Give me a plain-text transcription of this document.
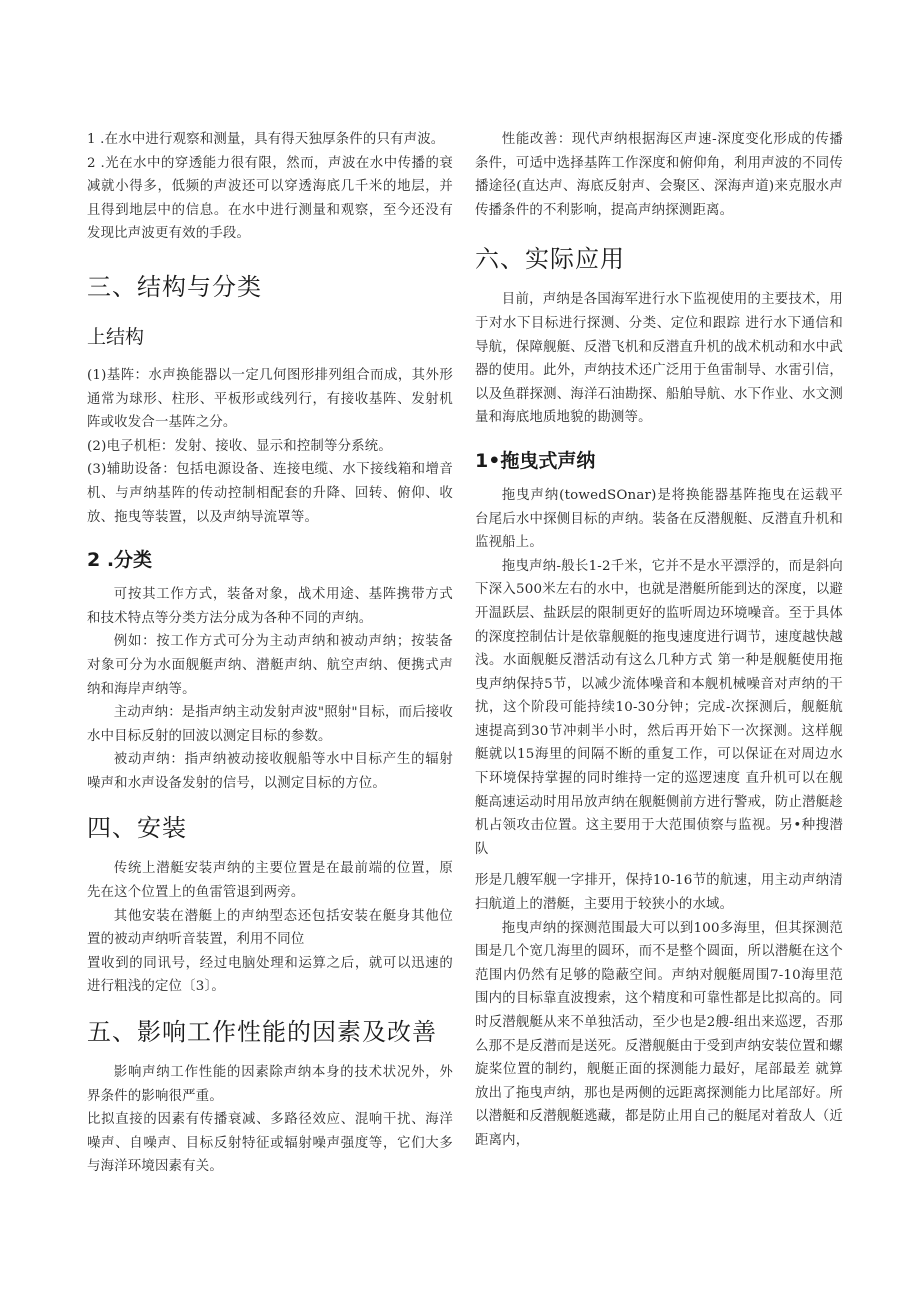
1 .在水中进行观察和测量，具有得天独厚条件的只有声波。

2 .光在水中的穿透能力很有限，然而，声波在水中传播的衰减就小得多，低频的声波还可以穿透海底几千米的地层，并且得到地层中的信息。在水中进行测量和观察，至今还没有发现比声波更有效的手段。

三、结构与分类
上结构

(1)基阵：水声换能器以一定几何图形排列组合而成，其外形通常为球形、柱形、平板形或线列行，有接收基阵、发射机阵或收发合一基阵之分。

(2)电子机柜：发射、接收、显示和控制等分系统。

(3)辅助设备：包括电源设备、连接电缆、水下接线箱和增音机、与声纳基阵的传动控制相配套的升降、回转、俯仰、收放、拖曳等装置，以及声纳导流罩等。

2 .分类

可按其工作方式，装备对象，战术用途、基阵携带方式和技术特点等分类方法分成为各种不同的声纳。

例如：按工作方式可分为主动声纳和被动声纳；按装备对象可分为水面舰艇声纳、潜艇声纳、航空声纳、便携式声纳和海岸声纳等。

主动声纳：是指声纳主动发射声波"照射"目标，而后接收水中目标反射的回波以测定目标的参数。

被动声纳：指声纳被动接收舰船等水中目标产生的辐射噪声和水声设备发射的信号，以测定目标的方位。

四、安装

传统上潜艇安装声纳的主要位置是在最前端的位置，原先在这个位置上的鱼雷管退到两旁。

其他安装在潜艇上的声纳型态还包括安装在艇身其他位置的被动声纳听音装置，利用不同位

置收到的同讯号，经过电脑处理和运算之后，就可以迅速的进行粗浅的定位〔3〕。

五、影响工作性能的因素及改善

影响声纳工作性能的因素除声纳本身的技术状况外，外界条件的影响很严重。

比拟直接的因素有传播衰减、多路径效应、混响干扰、海洋噪声、自噪声、目标反射特征或辐射噪声强度等，它们大多与海洋环境因素有关。

性能改善：现代声纳根据海区声速-深度变化形成的传播条件，可适中选择基阵工作深度和俯仰角，利用声波的不同传播途径(直达声、海底反射声、会聚区、深海声道)来克服水声传播条件的不利影响，提高声纳探测距离。

六、实际应用

目前，声纳是各国海军进行水下监视使用的主要技术，用于对水下目标进行探测、分类、定位和跟踪 进行水下通信和导航，保障舰艇、反潜飞机和反潜直升机的战术机动和水中武器的使用。此外，声纳技术还广泛用于鱼雷制导、水雷引信，以及鱼群探测、海洋石油勘探、船舶导航、水下作业、水文测量和海底地质地貌的勘测等。

1•拖曳式声纳

拖曳声纳(towedSOnar)是将换能器基阵拖曳在运载平台尾后水中探侧目标的声纳。装备在反潜舰艇、反潜直升机和监视船上。

拖曳声纳-般长1-2千米，它并不是水平漂浮的，而是斜向下深入500米左右的水中，也就是潜艇所能到达的深度，以避开温跃层、盐跃层的限制更好的监听周边环境噪音。至于具体的深度控制估计是依靠舰艇的拖曳速度进行调节，速度越快越浅。水面舰艇反潜活动有这么几种方式 第一种是舰艇使用拖曳声纳保持5节，以减少流体噪音和本舰机械噪音对声纳的干扰，这个阶段可能持续10-30分钟；完成-次探测后，舰艇航速提高到30节冲刺半小时，然后再开始下一次探测。这样舰艇就以15海里的间隔不断的重复工作，可以保证在对周边水下环境保持掌握的同时维持一定的巡逻速度 直升机可以在舰艇高速运动时用吊放声纳在舰艇侧前方进行警戒，防止潜艇趁机占领攻击位置。这主要用于大范围侦察与监视。另•种搜潜队

形是几艘军舰一字排开，保持10-16节的航速，用主动声纳清扫航道上的潜艇，主要用于较狭小的水域。

拖曳声纳的探测范围最大可以到100多海里，但其探测范围是几个宽几海里的圆环，而不是整个圆面，所以潜艇在这个范围内仍然有足够的隐蔽空间。声纳对舰艇周围7-10海里范围内的目标靠直波搜索，这个精度和可靠性都是比拟高的。同时反潜舰艇从来不单独活动，至少也是2艘-组出来巡逻，否那么那不是反潜而是送死。反潜舰艇由于受到声纳安装位置和螺旋桨位置的制约，舰艇正面的探测能力最好，尾部最差 就算放出了拖曳声纳，那也是两侧的远距离探测能力比尾部好。所以潜艇和反潜舰艇逃藏，都是防止用自己的艇尾对着敌人（近距离内，
